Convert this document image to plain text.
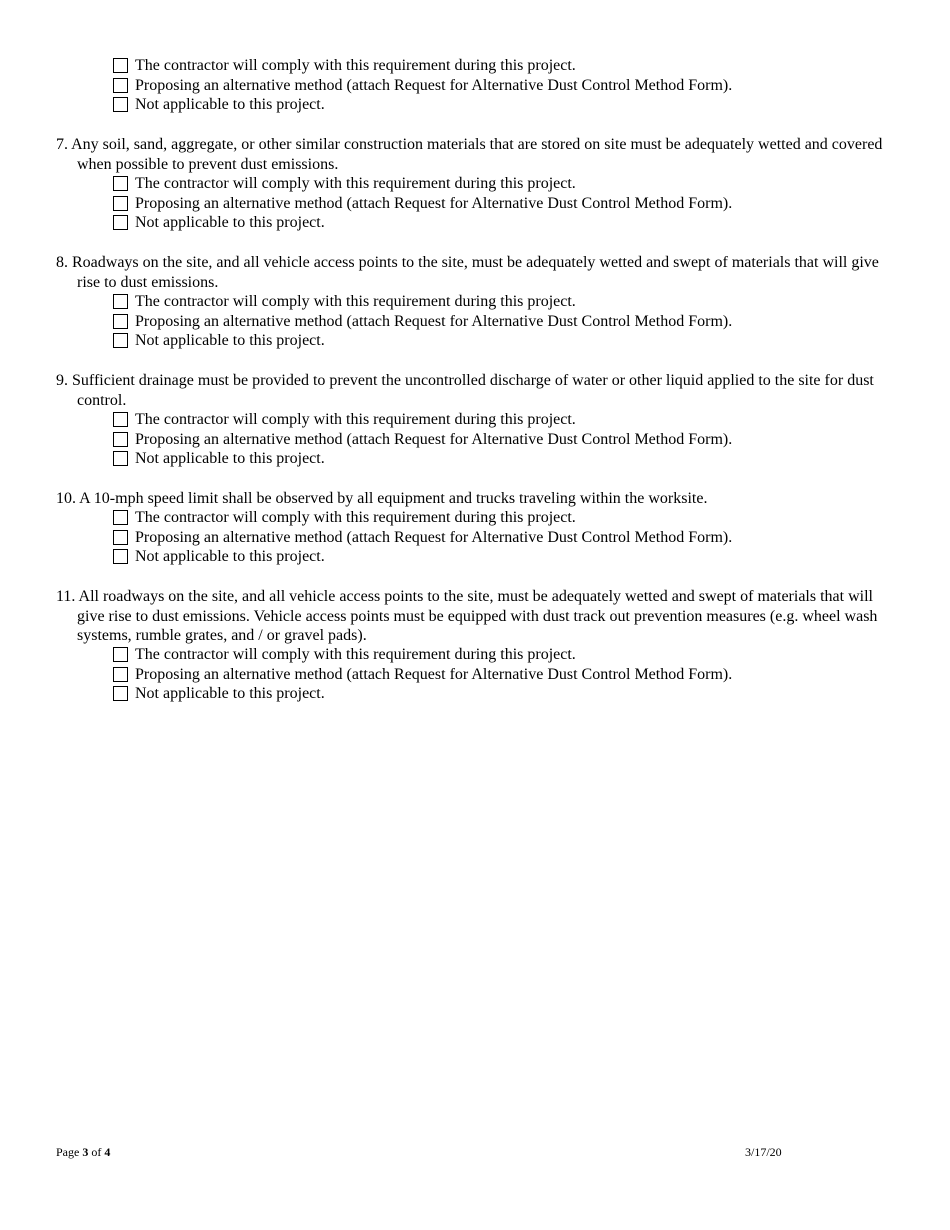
The contractor will comply with this requirement during this project.
Proposing an alternative method (attach Request for Alternative Dust Control Method Form).
Not applicable to this project.
7. Any soil, sand, aggregate, or other similar construction materials that are stored on site must be adequately wetted and covered when possible to prevent dust emissions.
The contractor will comply with this requirement during this project.
Proposing an alternative method (attach Request for Alternative Dust Control Method Form).
Not applicable to this project.
8. Roadways on the site, and all vehicle access points to the site, must be adequately wetted and swept of materials that will give rise to dust emissions.
The contractor will comply with this requirement during this project.
Proposing an alternative method (attach Request for Alternative Dust Control Method Form).
Not applicable to this project.
9. Sufficient drainage must be provided to prevent the uncontrolled discharge of water or other liquid applied to the site for dust control.
The contractor will comply with this requirement during this project.
Proposing an alternative method (attach Request for Alternative Dust Control Method Form).
Not applicable to this project.
10. A 10-mph speed limit shall be observed by all equipment and trucks traveling within the worksite.
The contractor will comply with this requirement during this project.
Proposing an alternative method (attach Request for Alternative Dust Control Method Form).
Not applicable to this project.
11. All roadways on the site, and all vehicle access points to the site, must be adequately wetted and swept of materials that will give rise to dust emissions. Vehicle access points must be equipped with dust track out prevention measures (e.g. wheel wash systems, rumble grates, and / or gravel pads).
The contractor will comply with this requirement during this project.
Proposing an alternative method (attach Request for Alternative Dust Control Method Form).
Not applicable to this project.
Page 3 of 4	3/17/20
